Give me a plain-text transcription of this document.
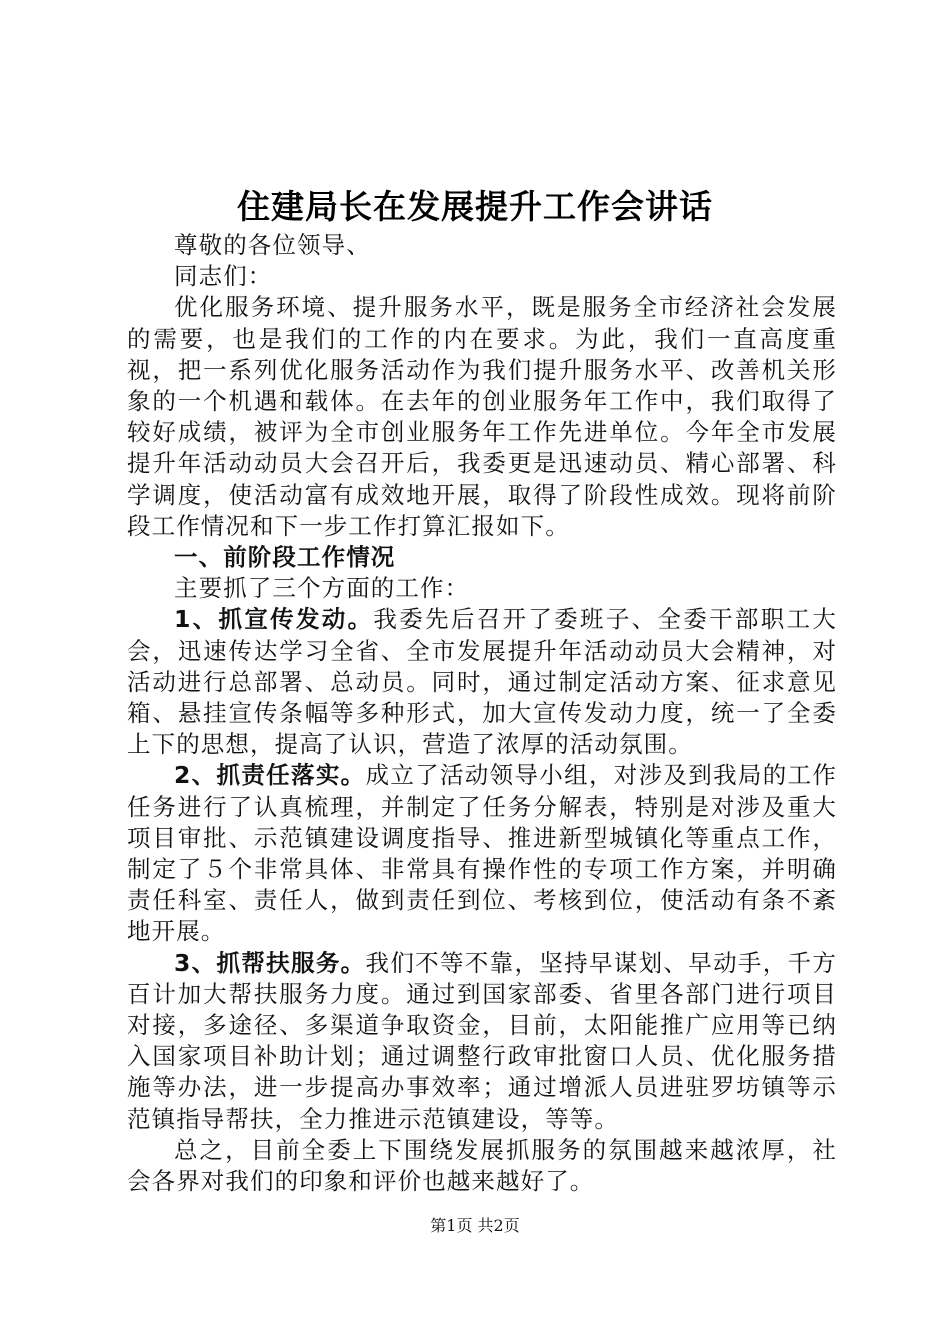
住建局长在发展提升工作会讲话

尊敬的各位领导、

同志们：

优化服务环境、提升服务水平，既是服务全市经济社会发展的需要，也是我们的工作的内在要求。为此，我们一直高度重视，把一系列优化服务活动作为我们提升服务水平、改善机关形象的一个机遇和载体。在去年的创业服务年工作中，我们取得了较好成绩，被评为全市创业服务年工作先进单位。今年全市发展提升年活动动员大会召开后，我委更是迅速动员、精心部署、科学调度，使活动富有成效地开展，取得了阶段性成效。现将前阶段工作情况和下一步工作打算汇报如下。

一、前阶段工作情况

主要抓了三个方面的工作：

1、抓宣传发动。我委先后召开了委班子、全委干部职工大会，迅速传达学习全省、全市发展提升年活动动员大会精神，对活动进行总部署、总动员。同时，通过制定活动方案、征求意见箱、悬挂宣传条幅等多种形式，加大宣传发动力度，统一了全委上下的思想，提高了认识，营造了浓厚的活动氛围。

2、抓责任落实。成立了活动领导小组，对涉及到我局的工作任务进行了认真梳理，并制定了任务分解表，特别是对涉及重大项目审批、示范镇建设调度指导、推进新型城镇化等重点工作，制定了５个非常具体、非常具有操作性的专项工作方案，并明确责任科室、责任人，做到责任到位、考核到位，使活动有条不紊地开展。

3、抓帮扶服务。我们不等不靠，坚持早谋划、早动手，千方百计加大帮扶服务力度。通过到国家部委、省里各部门进行项目对接，多途径、多渠道争取资金，目前，太阳能推广应用等已纳入国家项目补助计划；通过调整行政审批窗口人员、优化服务措施等办法，进一步提高办事效率；通过增派人员进驻罗坊镇等示范镇指导帮扶，全力推进示范镇建设，等等。

总之，目前全委上下围绕发展抓服务的氛围越来越浓厚，社会各界对我们的印象和评价也越来越好了。

第1页 共2页
